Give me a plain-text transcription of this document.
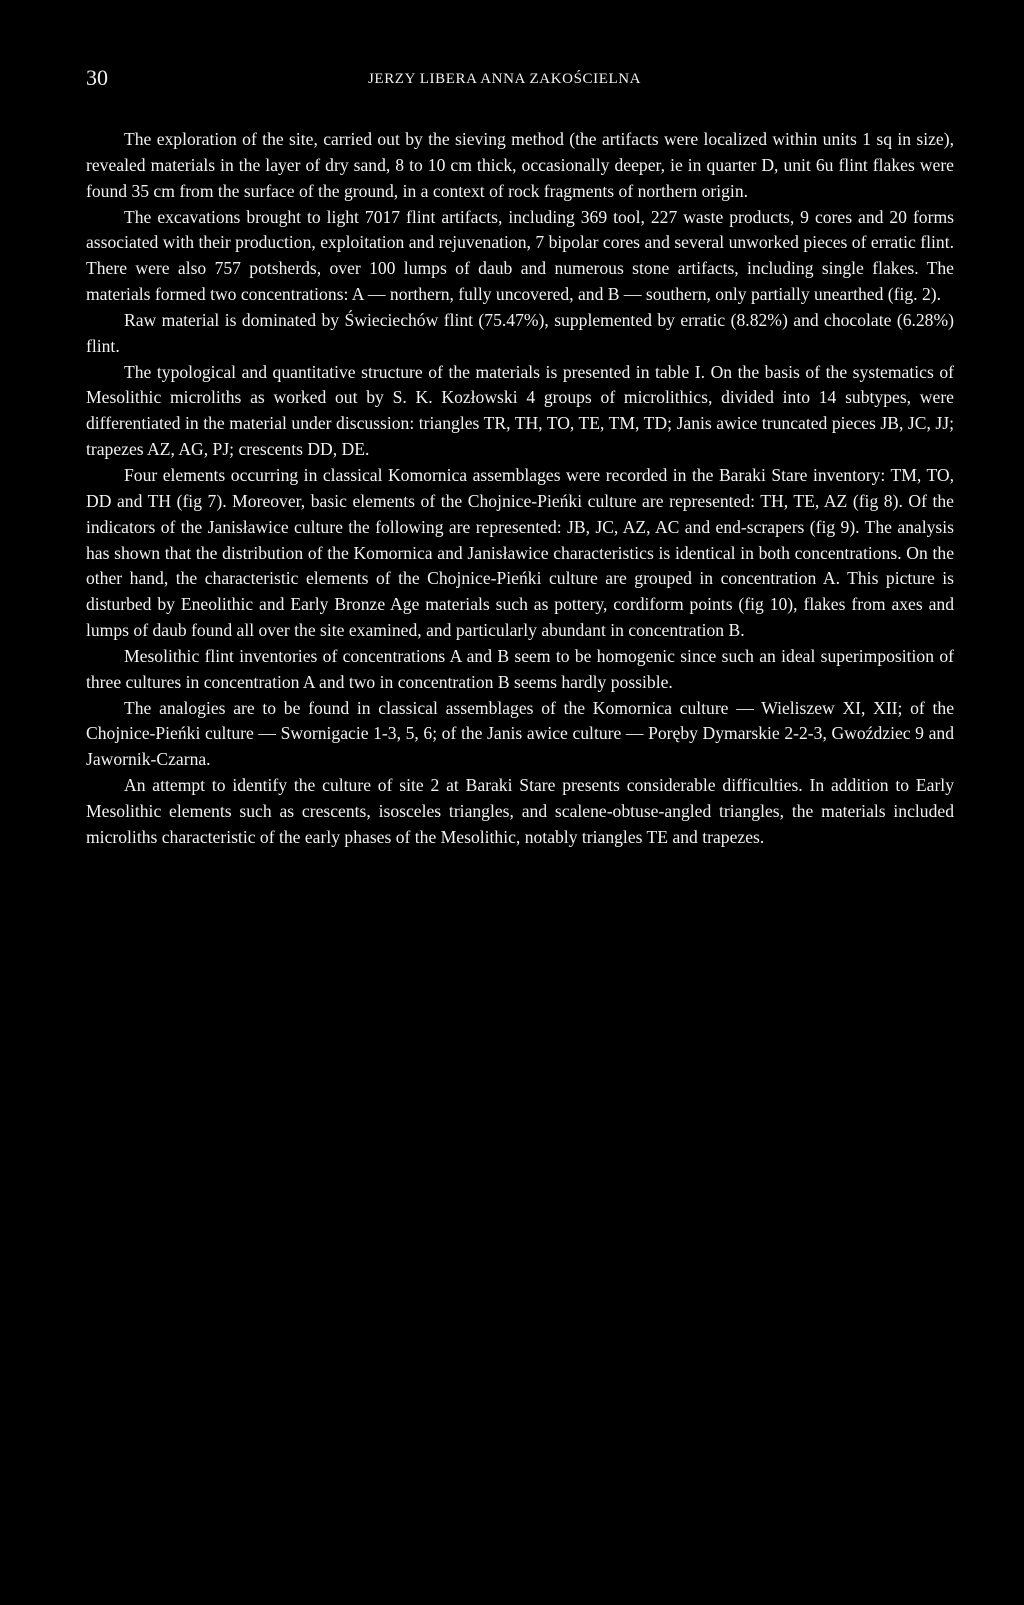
30	JERZY LIBERA ANNA ZAKOŚCIELNA

The exploration of the site, carried out by the sieving method (the artifacts were localized within units 1 sq in size), revealed materials in the layer of dry sand, 8 to 10 cm thick, occasionally deeper, ie in quarter D, unit 6u flint flakes were found 35 cm from the surface of the ground, in a context of rock fragments of northern origin.

The excavations brought to light 7017 flint artifacts, including 369 tool, 227 waste products, 9 cores and 20 forms associated with their production, exploitation and rejuvenation, 7 bipolar cores and several unworked pieces of erratic flint. There were also 757 potsherds, over 100 lumps of daub and numerous stone artifacts, including single flakes. The materials formed two concentrations: A — northern, fully uncovered, and B — southern, only partially unearthed (fig. 2).

Raw material is dominated by Świeciechów flint (75.47%), supplemented by erratic (8.82%) and chocolate (6.28%) flint.

The typological and quantitative structure of the materials is presented in table I. On the basis of the systematics of Mesolithic microliths as worked out by S. K. Kozłowski 4 groups of microlithics, divided into 14 subtypes, were differentiated in the material under discussion: triangles TR, TH, TO, TE, TM, TD; Janis awice truncated pieces JB, JC, JJ; trapezes AZ, AG, PJ; crescents DD, DE.

Four elements occurring in classical Komornica assemblages were recorded in the Baraki Stare inventory: TM, TO, DD and TH (fig 7). Moreover, basic elements of the Chojnice-Pieńki culture are represented: TH, TE, AZ (fig 8). Of the indicators of the Janisławice culture the following are represented: JB, JC, AZ, AC and end-scrapers (fig 9). The analysis has shown that the distribution of the Komornica and Janisławice characteristics is identical in both concentrations. On the other hand, the characteristic elements of the Chojnice-Pieńki culture are grouped in concentration A. This picture is disturbed by Eneolithic and Early Bronze Age materials such as pottery, cordiform points (fig 10), flakes from axes and lumps of daub found all over the site examined, and particularly abundant in concentration B.

Mesolithic flint inventories of concentrations A and B seem to be homogenic since such an ideal superimposition of three cultures in concentration A and two in concentration B seems hardly possible.

The analogies are to be found in classical assemblages of the Komornica culture — Wieliszew XI, XII; of the Chojnice-Pieńki culture — Swornigacie 1-3, 5, 6; of the Janis awice culture — Poręby Dymarskie 2-2-3, Gwoździec 9 and Jawornik-Czarna.

An attempt to identify the culture of site 2 at Baraki Stare presents considerable difficulties. In addition to Early Mesolithic elements such as crescents, isosceles triangles, and scalene-obtuse-angled triangles, the materials included microliths characteristic of the early phases of the Mesolithic, notably triangles TE and trapezes.
